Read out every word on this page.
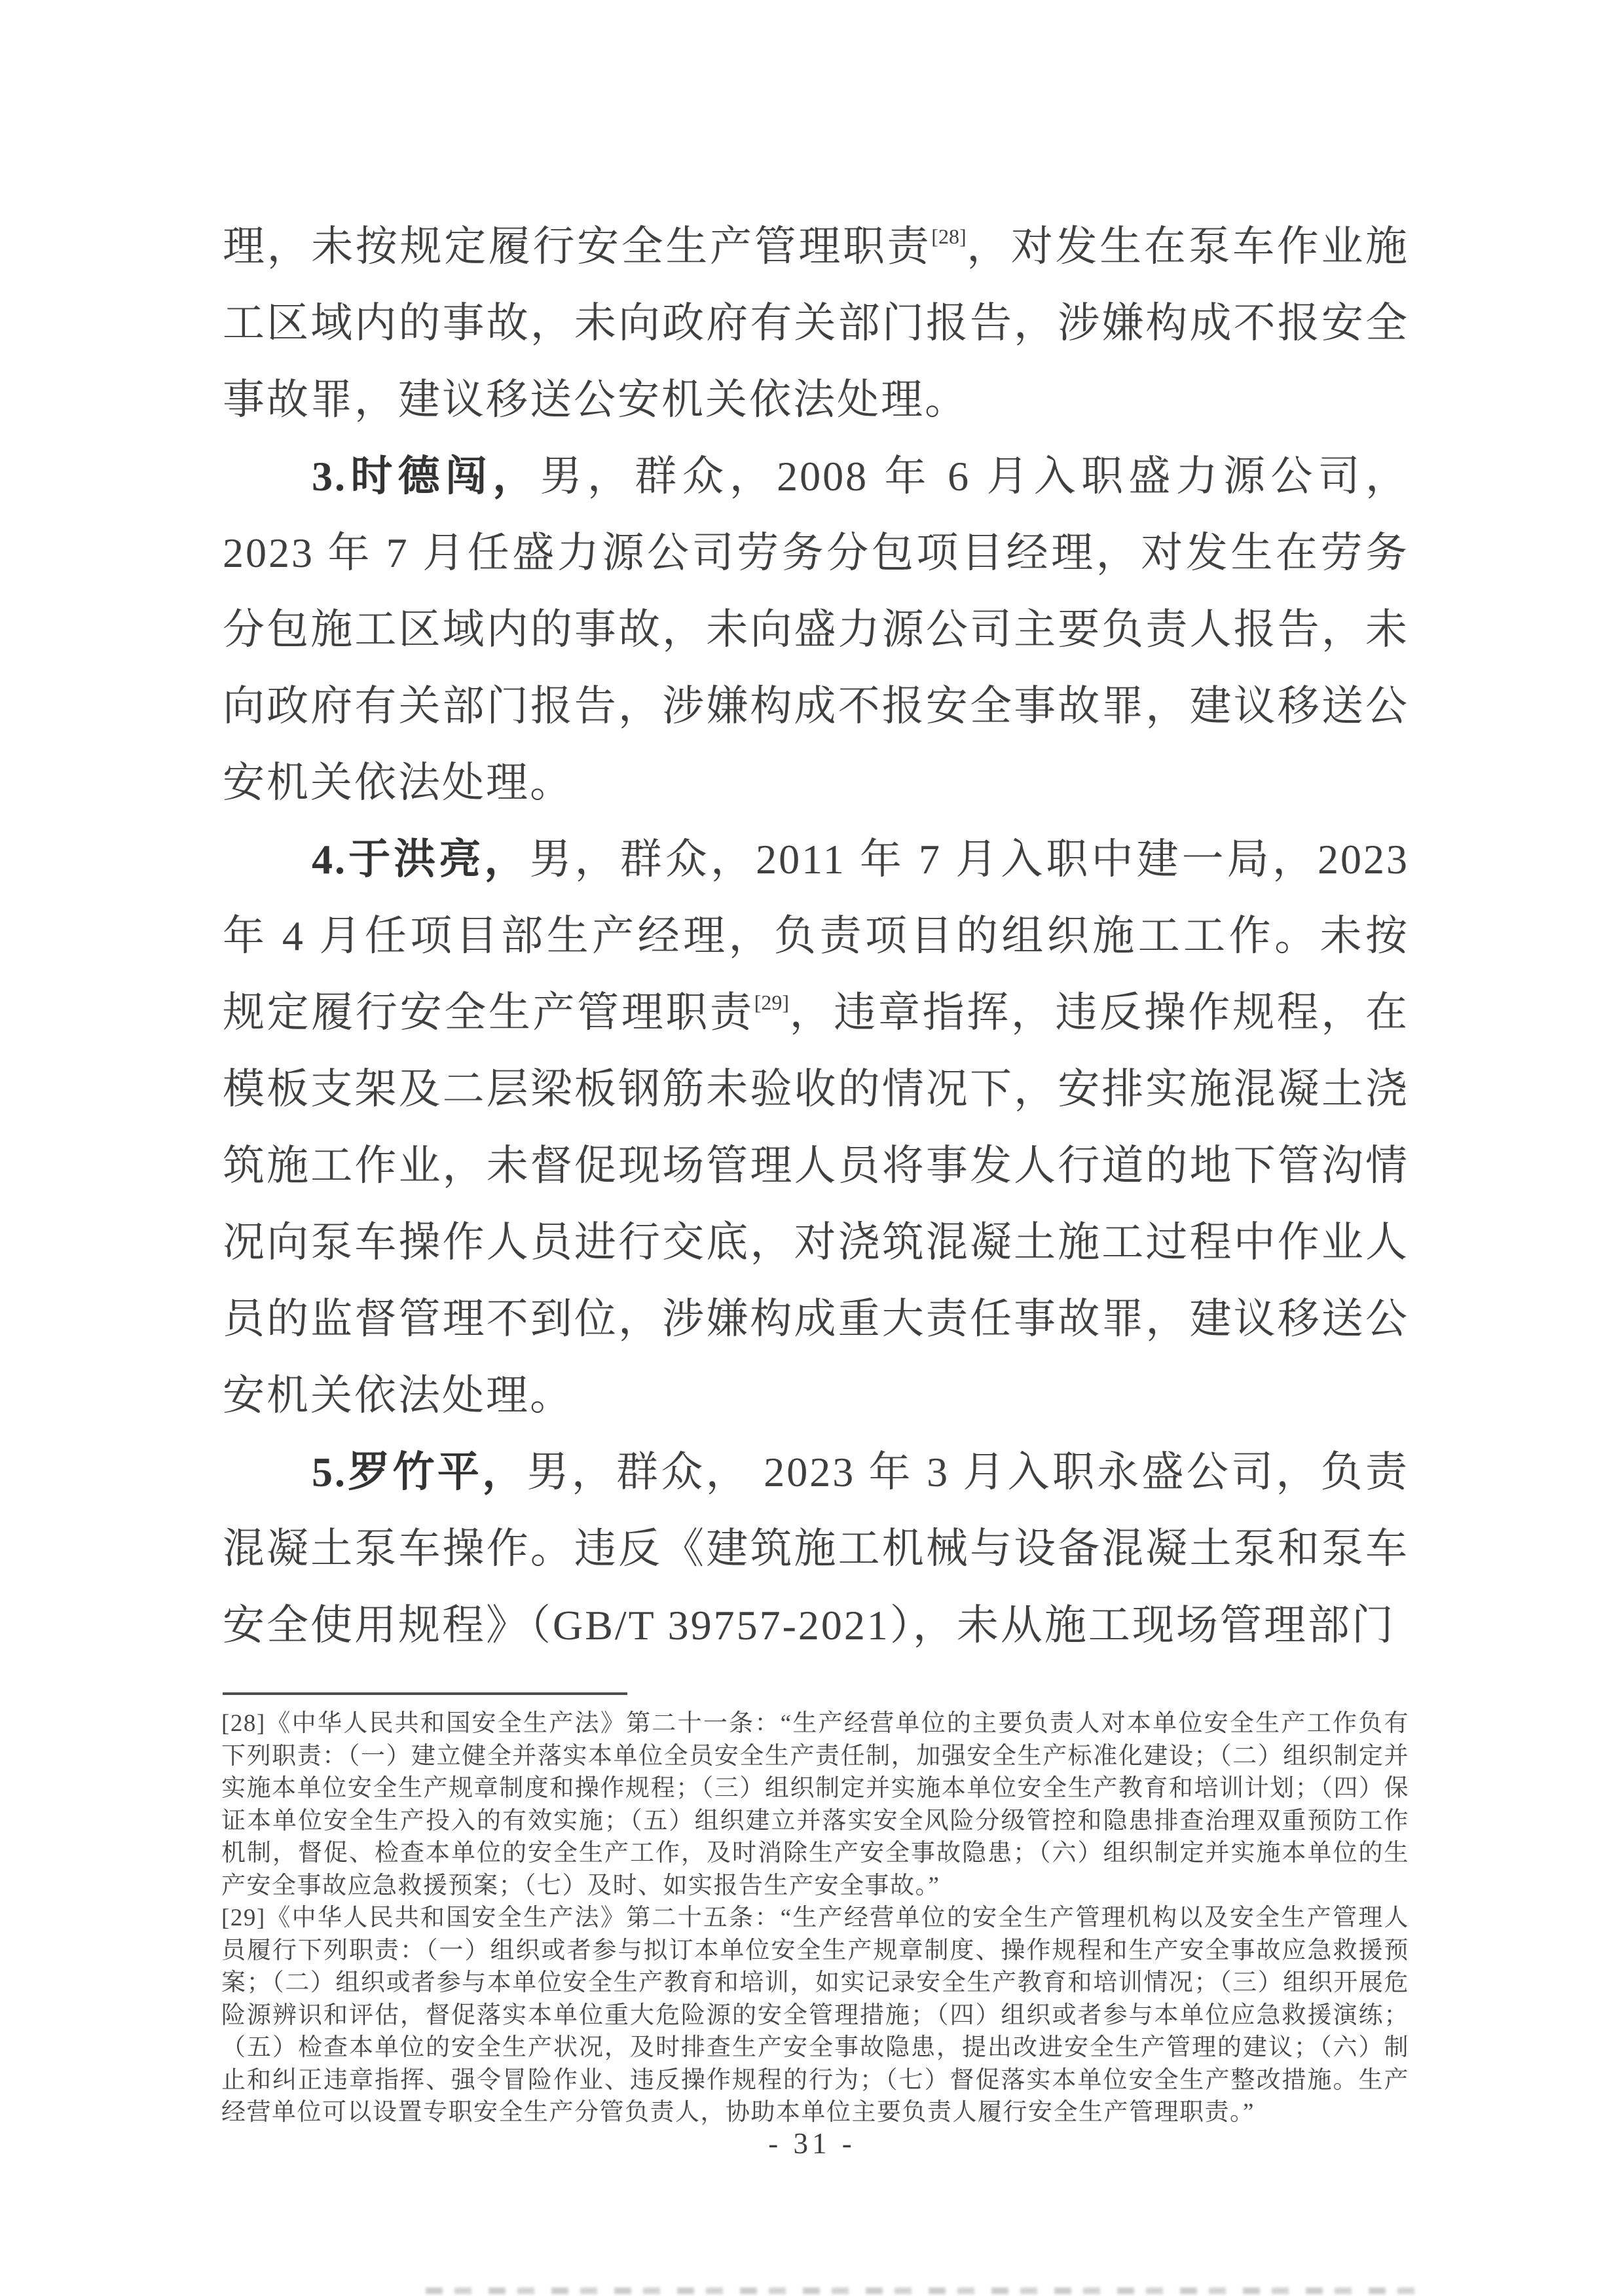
理，未按规定履行安全生产管理职责[28]，对发生在泵车作业施工区域内的事故，未向政府有关部门报告，涉嫌构成不报安全事故罪，建议移送公安机关依法处理。

3.时德闯，男，群众，2008 年 6 月入职盛力源公司，2023 年 7 月任盛力源公司劳务分包项目经理，对发生在劳务分包施工区域内的事故，未向盛力源公司主要负责人报告，未向政府有关部门报告，涉嫌构成不报安全事故罪，建议移送公安机关依法处理。

4.于洪亮，男，群众，2011 年 7 月入职中建一局，2023 年 4 月任项目部生产经理，负责项目的组织施工工作。未按规定履行安全生产管理职责[29]，违章指挥，违反操作规程，在模板支架及二层梁板钢筋未验收的情况下，安排实施混凝土浇筑施工作业，未督促现场管理人员将事发人行道的地下管沟情况向泵车操作人员进行交底，对浇筑混凝土施工过程中作业人员的监督管理不到位，涉嫌构成重大责任事故罪，建议移送公安机关依法处理。

5.罗竹平，男，群众， 2023 年 3 月入职永盛公司，负责混凝土泵车操作。违反《建筑施工机械与设备混凝土泵和泵车安全使用规程》（GB/T 39757-2021），未从施工现场管理部门

[28]《中华人民共和国安全生产法》第二十一条：“生产经营单位的主要负责人对本单位安全生产工作负有下列职责：（一）建立健全并落实本单位全员安全生产责任制，加强安全生产标准化建设；（二）组织制定并实施本单位安全生产规章制度和操作规程；（三）组织制定并实施本单位安全生产教育和培训计划；（四）保证本单位安全生产投入的有效实施；（五）组织建立并落实安全风险分级管控和隐患排查治理双重预防工作机制，督促、检查本单位的安全生产工作，及时消除生产安全事故隐患；（六）组织制定并实施本单位的生产安全事故应急救援预案；（七）及时、如实报告生产安全事故。”

[29]《中华人民共和国安全生产法》第二十五条：“生产经营单位的安全生产管理机构以及安全生产管理人员履行下列职责：（一）组织或者参与拟订本单位安全生产规章制度、操作规程和生产安全事故应急救援预案；（二）组织或者参与本单位安全生产教育和培训，如实记录安全生产教育和培训情况；（三）组织开展危险源辨识和评估，督促落实本单位重大危险源的安全管理措施；（四）组织或者参与本单位应急救援演练；（五）检查本单位的安全生产状况，及时排查生产安全事故隐患，提出改进安全生产管理的建议；（六）制止和纠正违章指挥、强令冒险作业、违反操作规程的行为；（七）督促落实本单位安全生产整改措施。生产经营单位可以设置专职安全生产分管负责人，协助本单位主要负责人履行安全生产管理职责。”

- 31 -
